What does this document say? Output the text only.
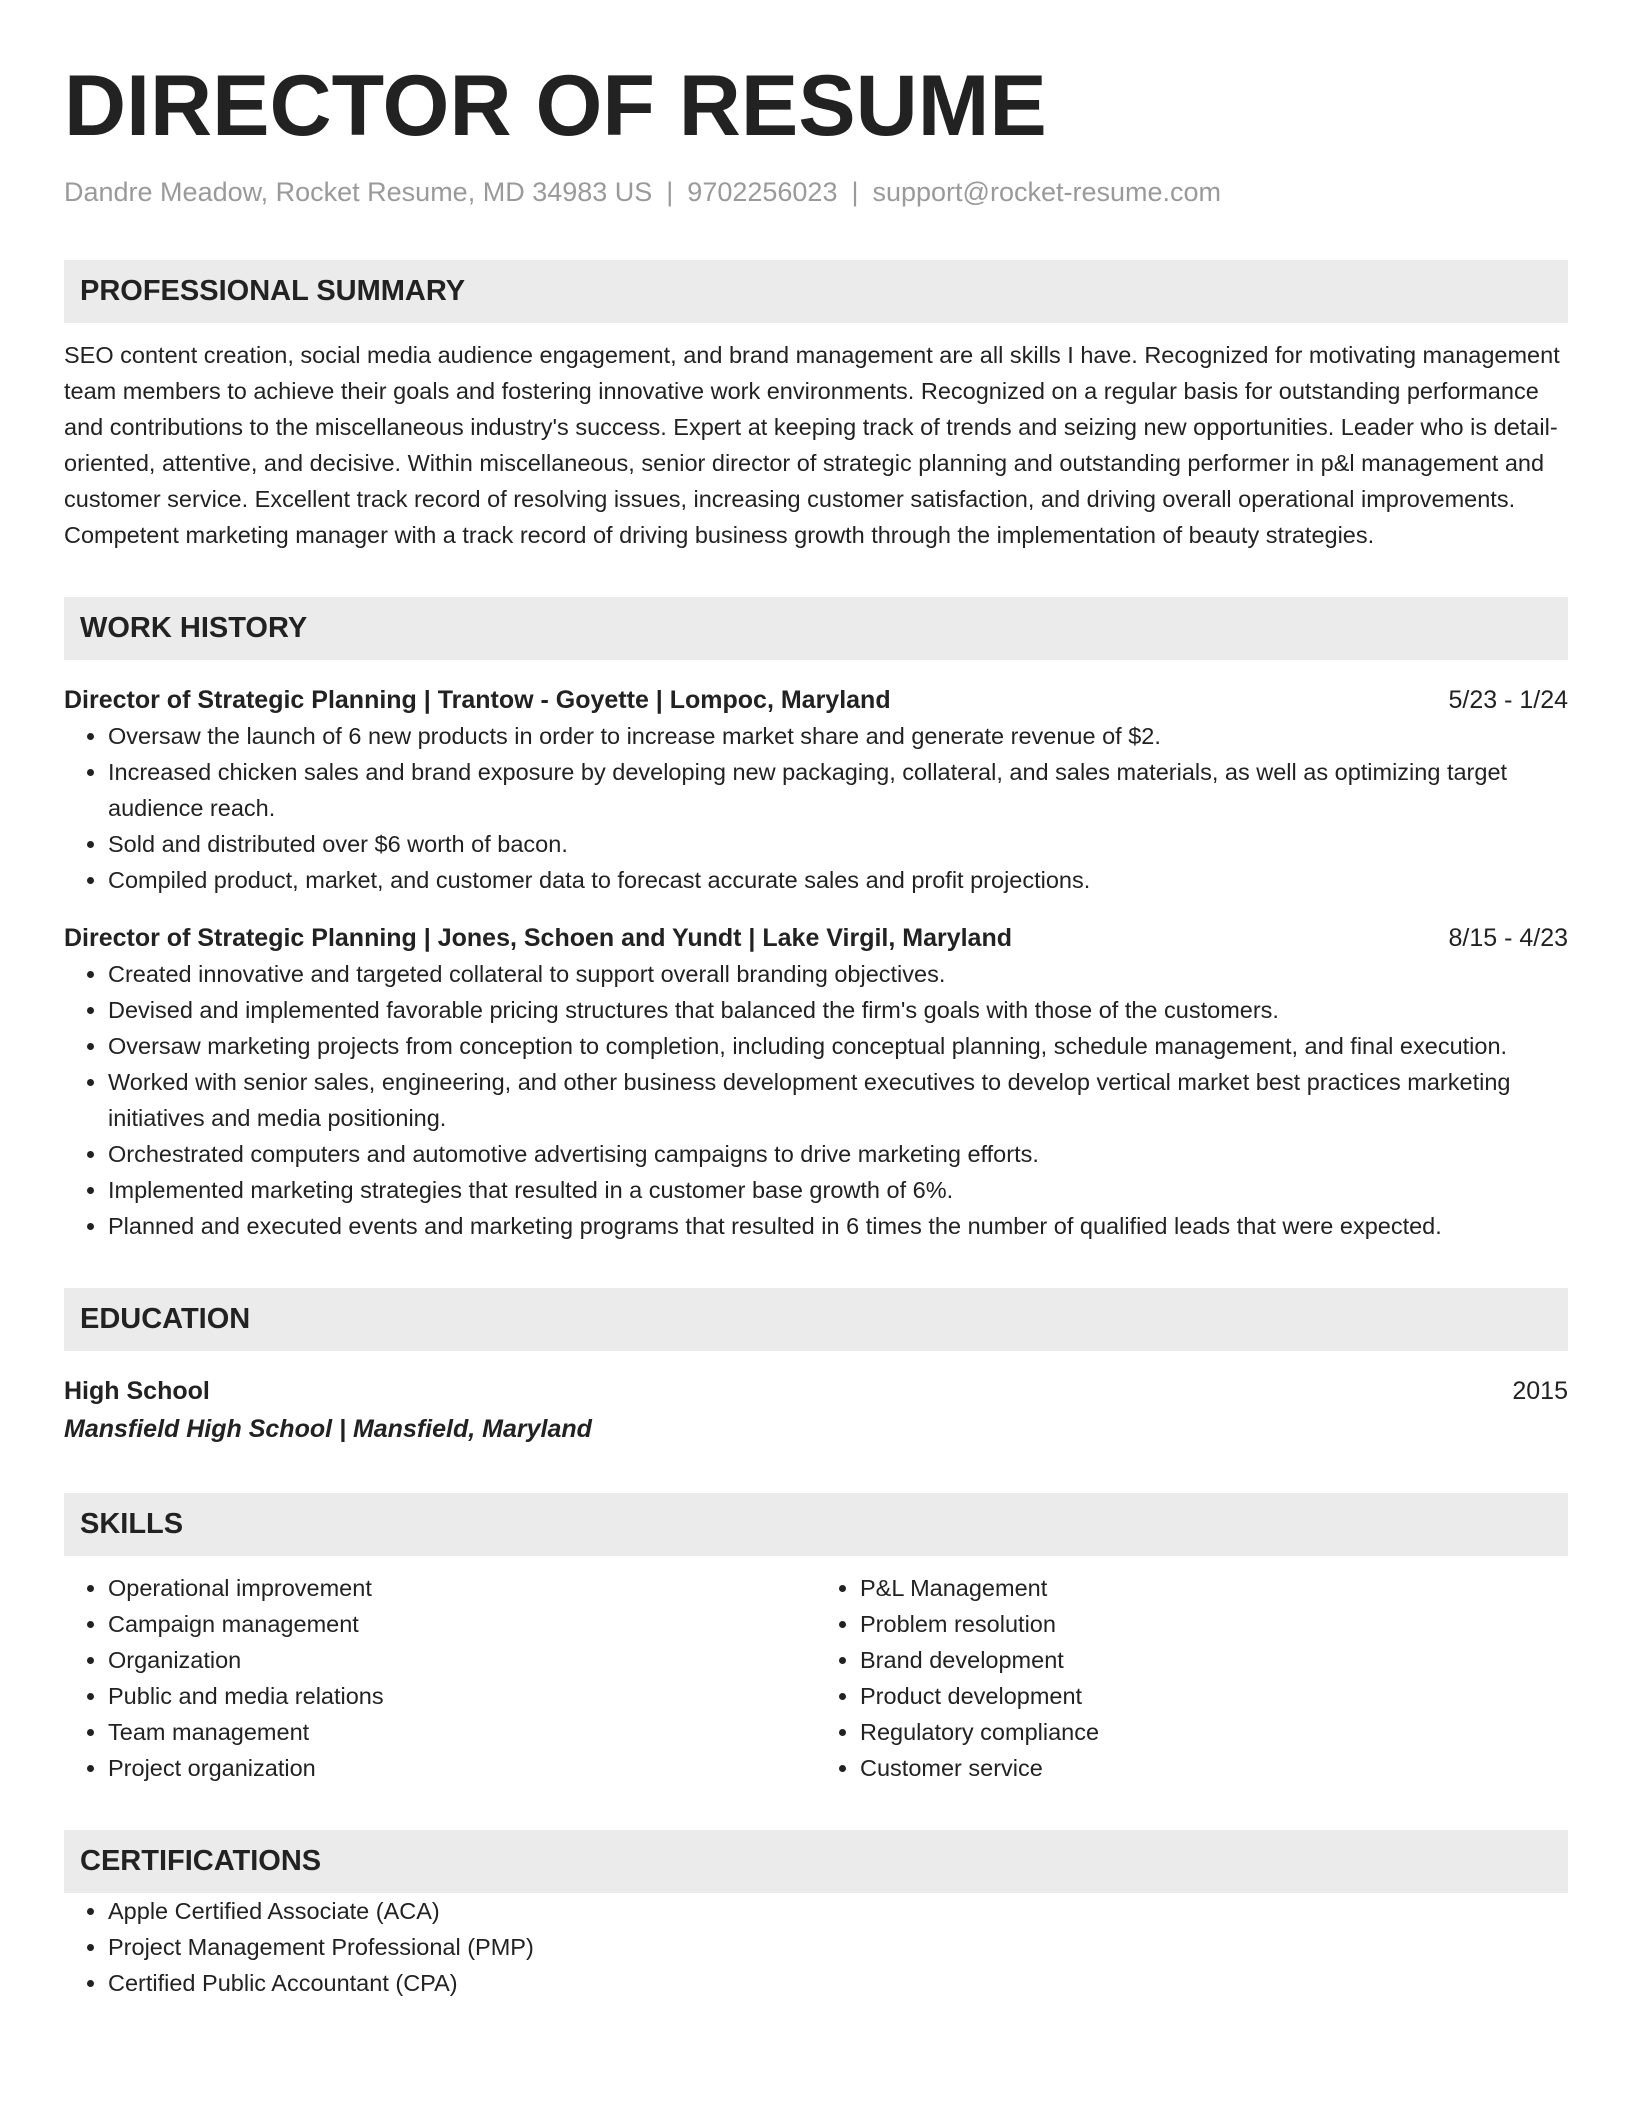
DIRECTOR OF RESUME
Dandre Meadow, Rocket Resume, MD 34983 US | 9702256023 | support@rocket-resume.com
PROFESSIONAL SUMMARY
SEO content creation, social media audience engagement, and brand management are all skills I have. Recognized for motivating management team members to achieve their goals and fostering innovative work environments. Recognized on a regular basis for outstanding performance and contributions to the miscellaneous industry's success. Expert at keeping track of trends and seizing new opportunities. Leader who is detail-oriented, attentive, and decisive. Within miscellaneous, senior director of strategic planning and outstanding performer in p&l management and customer service. Excellent track record of resolving issues, increasing customer satisfaction, and driving overall operational improvements. Competent marketing manager with a track record of driving business growth through the implementation of beauty strategies.
WORK HISTORY
Director of Strategic Planning | Trantow - Goyette | Lompoc, Maryland	5/23 - 1/24
• Oversaw the launch of 6 new products in order to increase market share and generate revenue of $2.
• Increased chicken sales and brand exposure by developing new packaging, collateral, and sales materials, as well as optimizing target audience reach.
• Sold and distributed over $6 worth of bacon.
• Compiled product, market, and customer data to forecast accurate sales and profit projections.
Director of Strategic Planning | Jones, Schoen and Yundt | Lake Virgil, Maryland	8/15 - 4/23
• Created innovative and targeted collateral to support overall branding objectives.
• Devised and implemented favorable pricing structures that balanced the firm's goals with those of the customers.
• Oversaw marketing projects from conception to completion, including conceptual planning, schedule management, and final execution.
• Worked with senior sales, engineering, and other business development executives to develop vertical market best practices marketing initiatives and media positioning.
• Orchestrated computers and automotive advertising campaigns to drive marketing efforts.
• Implemented marketing strategies that resulted in a customer base growth of 6%.
• Planned and executed events and marketing programs that resulted in 6 times the number of qualified leads that were expected.
EDUCATION
High School	2015
Mansfield High School | Mansfield, Maryland
SKILLS
• Operational improvement
• Campaign management
• Organization
• Public and media relations
• Team management
• Project organization
• P&L Management
• Problem resolution
• Brand development
• Product development
• Regulatory compliance
• Customer service
CERTIFICATIONS
• Apple Certified Associate (ACA)
• Project Management Professional (PMP)
• Certified Public Accountant (CPA)
